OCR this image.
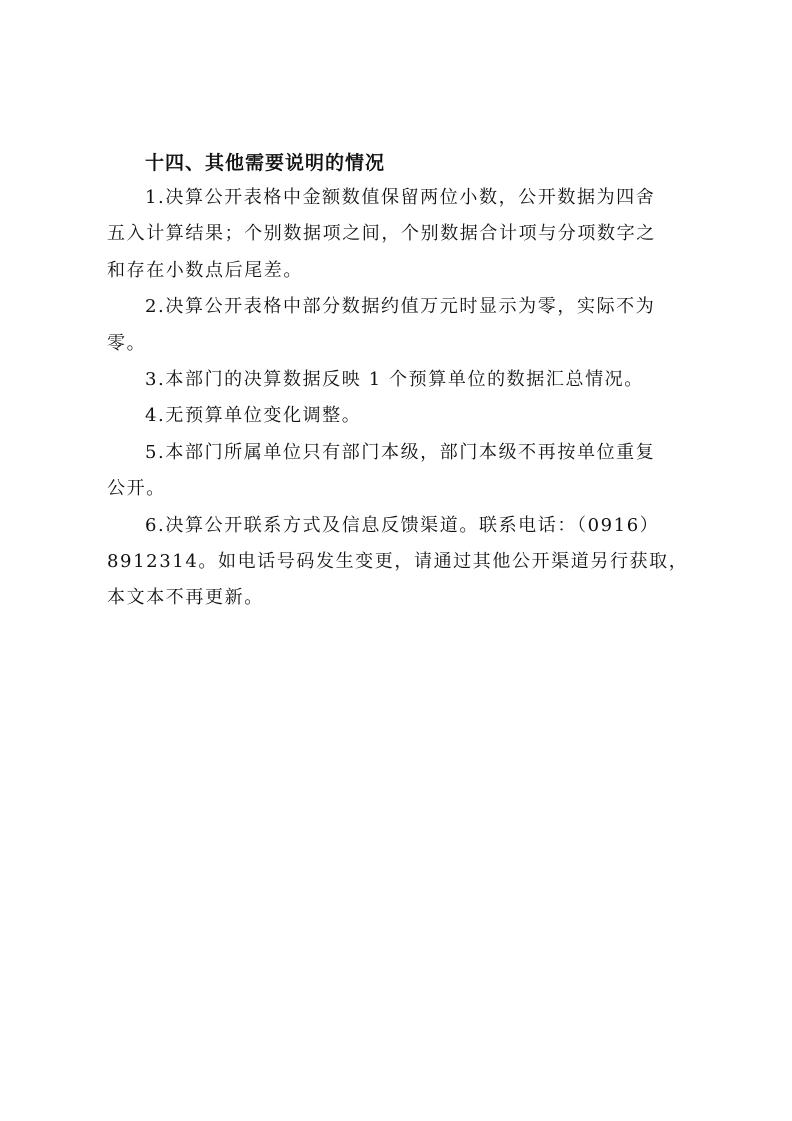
十四、其他需要说明的情况

1.决算公开表格中金额数值保留两位小数，公开数据为四舍
五入计算结果；个别数据项之间，个别数据合计项与分项数字之
和存在小数点后尾差。

2.决算公开表格中部分数据约值万元时显示为零，实际不为
零。

3.本部门的决算数据反映 1 个预算单位的数据汇总情况。

4.无预算单位变化调整。

5.本部门所属单位只有部门本级，部门本级不再按单位重复
公开。

6.决算公开联系方式及信息反馈渠道。联系电话：（0916）
8912314。如电话号码发生变更，请通过其他公开渠道另行获取，
本文本不再更新。
